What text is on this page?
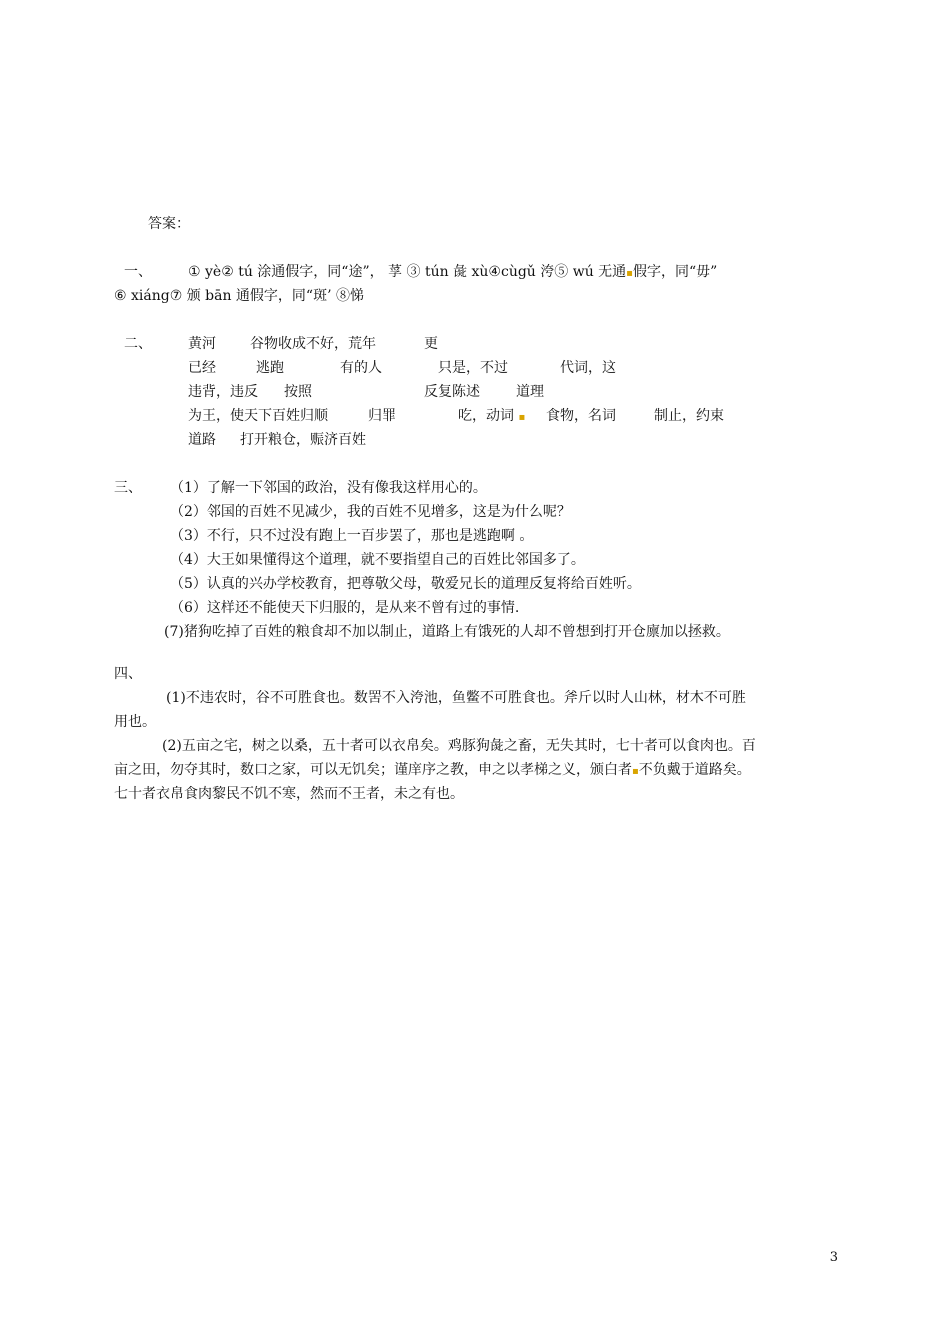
答案：
一、	① yè② tú 涂通假字，同“途”， 莩 ③ tún 彘 xù④cùgǔ 洿⑤ wú 无通▪假字，同“毋”
⑥ xiáng⑦ 颁 bān 通假字，同“斑’ ⑧悌
二、	黄河 谷物收成不好，荒年	更
已经	逃跑	有的人	只是，不过	代词，这
违背，违反 按照	反复陈述	道理
为王，使天下百姓归顺	归罪	吃，动词 ▪ 食物，名词	制止，约束
道路 打开粮仓，赈济百姓
三、 （1）了解一下邻国的政治，没有像我这样用心的。
（2）邻国的百姓不见减少，我的百姓不见增多，这是为什么呢？
（3）不行，只不过没有跑上一百步罢了，那也是逃跑啊 。
（4）大王如果懂得这个道理，就不要指望自己的百姓比邻国多了。
（5）认真的兴办学校教育，把尊敬父母，敬爱兄长的道理反复将给百姓听。
（6）这样还不能使天下归服的，是从来不曾有过的事情.
(7)猪狗吃掉了百姓的粮食却不加以制止，道路上有饿死的人却不曾想到打开仓廪加以拯救。
四、
(1)不违农时，谷不可胜食也。数罟不入洿池，鱼鳖不可胜食也。斧斤以时人山林，材木不可胜
用也。
(2)五亩之宅，树之以桑，五十者可以衣帛矣。鸡豚狗彘之畜，无失其时，七十者可以食肉也。百
亩之田，勿夺其时，数口之家，可以无饥矣；谨庠序之教，申之以孝梯之义，颁白者▪不负戴于道路矣。
七十者衣帛食肉黎民不饥不寒，然而不王者，未之有也。
3
